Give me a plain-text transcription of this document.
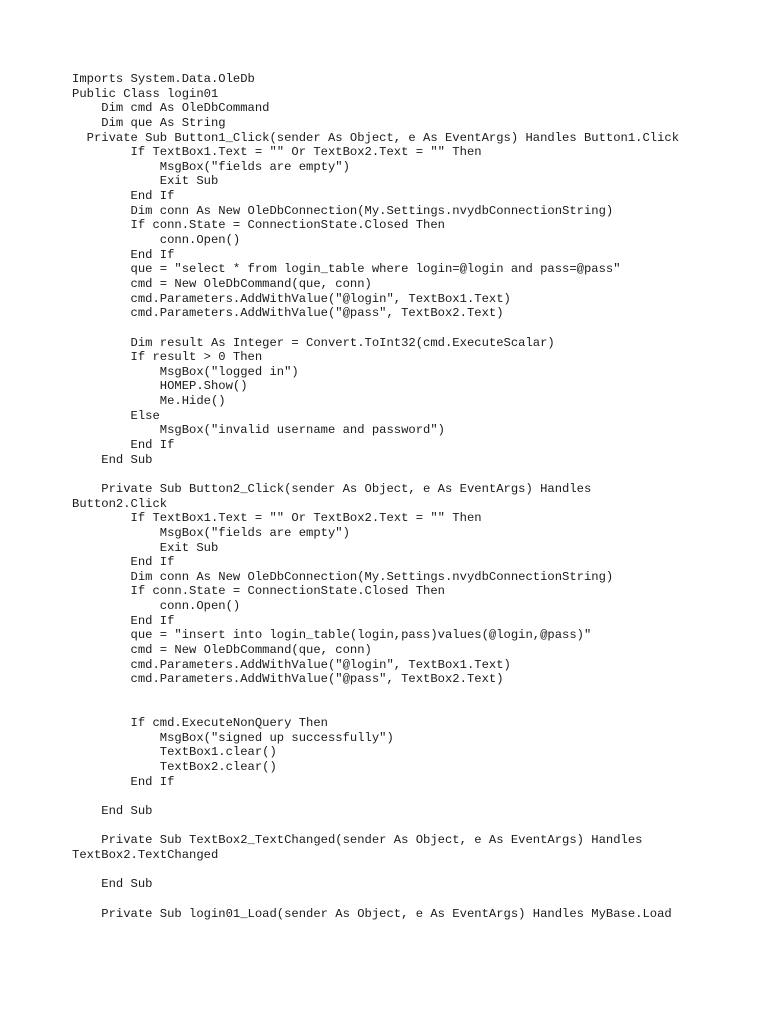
Imports System.Data.OleDb
Public Class login01
Dim cmd As OleDbCommand
Dim que As String
Private Sub Button1_Click(sender As Object, e As EventArgs) Handles Button1.Click
If TextBox1.Text = "" Or TextBox2.Text = "" Then
MsgBox("fields are empty")
Exit Sub
End If
Dim conn As New OleDbConnection(My.Settings.nvydbConnectionString)
If conn.State = ConnectionState.Closed Then
conn.Open()
End If
que = "select * from login_table where login=@login and pass=@pass"
cmd = New OleDbCommand(que, conn)
cmd.Parameters.AddWithValue("@login", TextBox1.Text)
cmd.Parameters.AddWithValue("@pass", TextBox2.Text)
Dim result As Integer = Convert.ToInt32(cmd.ExecuteScalar)
If result > 0 Then
MsgBox("logged in")
HOMEP.Show()
Me.Hide()
Else
MsgBox("invalid username and password")
End If
End Sub
Private Sub Button2_Click(sender As Object, e As EventArgs) Handles
Button2.Click
If TextBox1.Text = "" Or TextBox2.Text = "" Then
MsgBox("fields are empty")
Exit Sub
End If
Dim conn As New OleDbConnection(My.Settings.nvydbConnectionString)
If conn.State = ConnectionState.Closed Then
conn.Open()
End If
que = "insert into login_table(login,pass)values(@login,@pass)"
cmd = New OleDbCommand(que, conn)
cmd.Parameters.AddWithValue("@login", TextBox1.Text)
cmd.Parameters.AddWithValue("@pass", TextBox2.Text)
If cmd.ExecuteNonQuery Then
MsgBox("signed up successfully")
TextBox1.clear()
TextBox2.clear()
End If
End Sub
Private Sub TextBox2_TextChanged(sender As Object, e As EventArgs) Handles
TextBox2.TextChanged
End Sub
Private Sub login01_Load(sender As Object, e As EventArgs) Handles MyBase.Load
